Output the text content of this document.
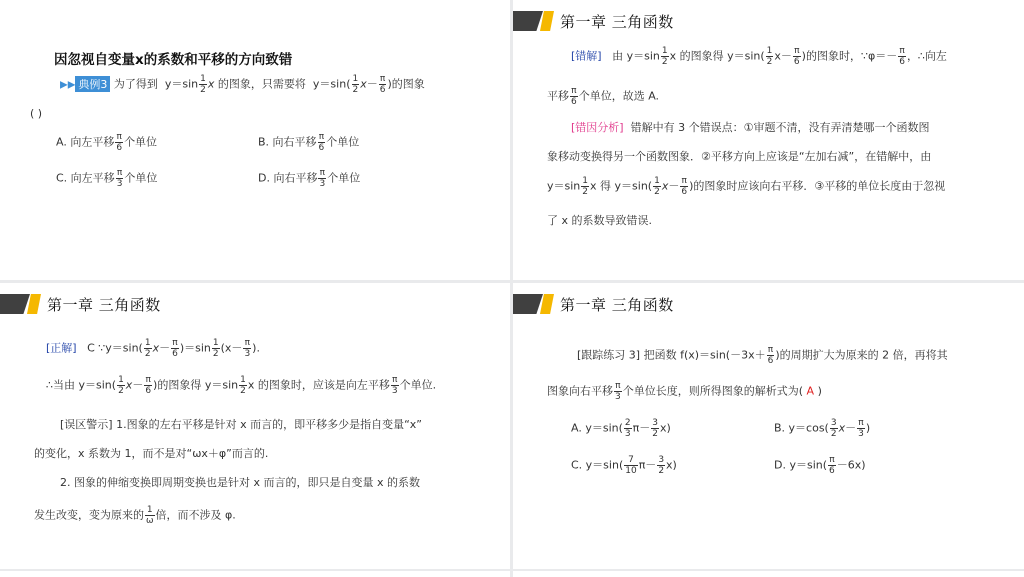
因忽视自变量x的系数和平移的方向致错
▶▶ 典例3 为了得到 $y=\sin \frac{1}{2}$ x 的图象，只需要将 $y=\sin( \frac{1}{2} x- \frac{\pi}{6}$ )的图象
( )
A. 向左平移 $\frac{\pi}{6}$ 个单位	B. 向右平移 $\frac{\pi}{6}$ 个单位
C. 向左平移 $\frac{\pi}{3}$ 个单位	D. 向右平移 $\frac{\pi}{3}$ 个单位
第一章 三角函数
[错解] 由 $y=\sin \frac{1}{2}$ x 的图象得 $y=\sin( \frac{1}{2} x- \frac{\pi}{6}$ )的图象时，∵φ＝－ $\frac{\pi}{6}$ ，∴向左
平移 $\frac{\pi}{6}$ 个单位，故选 A.
[错因分析] 错解中有 3 个错误点：①审题不清，没有弄清楚哪一个函数图
象移动变换得另一个函数图象．②平移方向上应该是“左加右减”，在错解中，由
$y=\sin \frac{1}{2}$ x 得 $y=\sin( \frac{1}{2} x- \frac{\pi}{6}$ )的图象时应该向右平移．③平移的单位长度由于忽视
了 x 的系数导致错误.
第一章 三角函数
[正解] C ∵y＝sin( $\frac{1}{2} x- \frac{\pi}{6} )=\sin \frac{1}{2} (x- \frac{\pi}{3}$ ).
∴当由 $y=\sin( \frac{1}{2} x- \frac{\pi}{6}$ )的图象得 $y=\sin \frac{1}{2}$ x 的图象时，应该是向左平移 $\frac{\pi}{3}$ 个单位.
[误区警示] 1.图象的左右平移是针对 x 而言的，即平移多少是指自变量“x”
的变化，x 系数为 1，而不是对“ωx＋φ”而言的.
2. 图象的伸缩变换即周期变换也是针对 x 而言的，即只是自变量 x 的系数
发生改变，变为原来的 $\frac{1}{\omega}$ 倍，而不涉及 φ.
第一章 三角函数
[跟踪练习 3] 把函数 $f(x)=\sin(-3x+ \frac{\pi}{6}$ )的周期扩大为原来的 2 倍，再将其
图象向右平移 $\frac{\pi}{3}$ 个单位长度，则所得图象的解析式为( A )
A. $y=\sin( \frac{2}{3} \pi- \frac{3}{2} x)$	B. $y=\cos( \frac{3}{2} x- \frac{\pi}{3}$ )
C. $y=\sin( \frac{7}{10} \pi- \frac{3}{2} x)$	D. $y=\sin( \frac{\pi}{6} -6x)$
